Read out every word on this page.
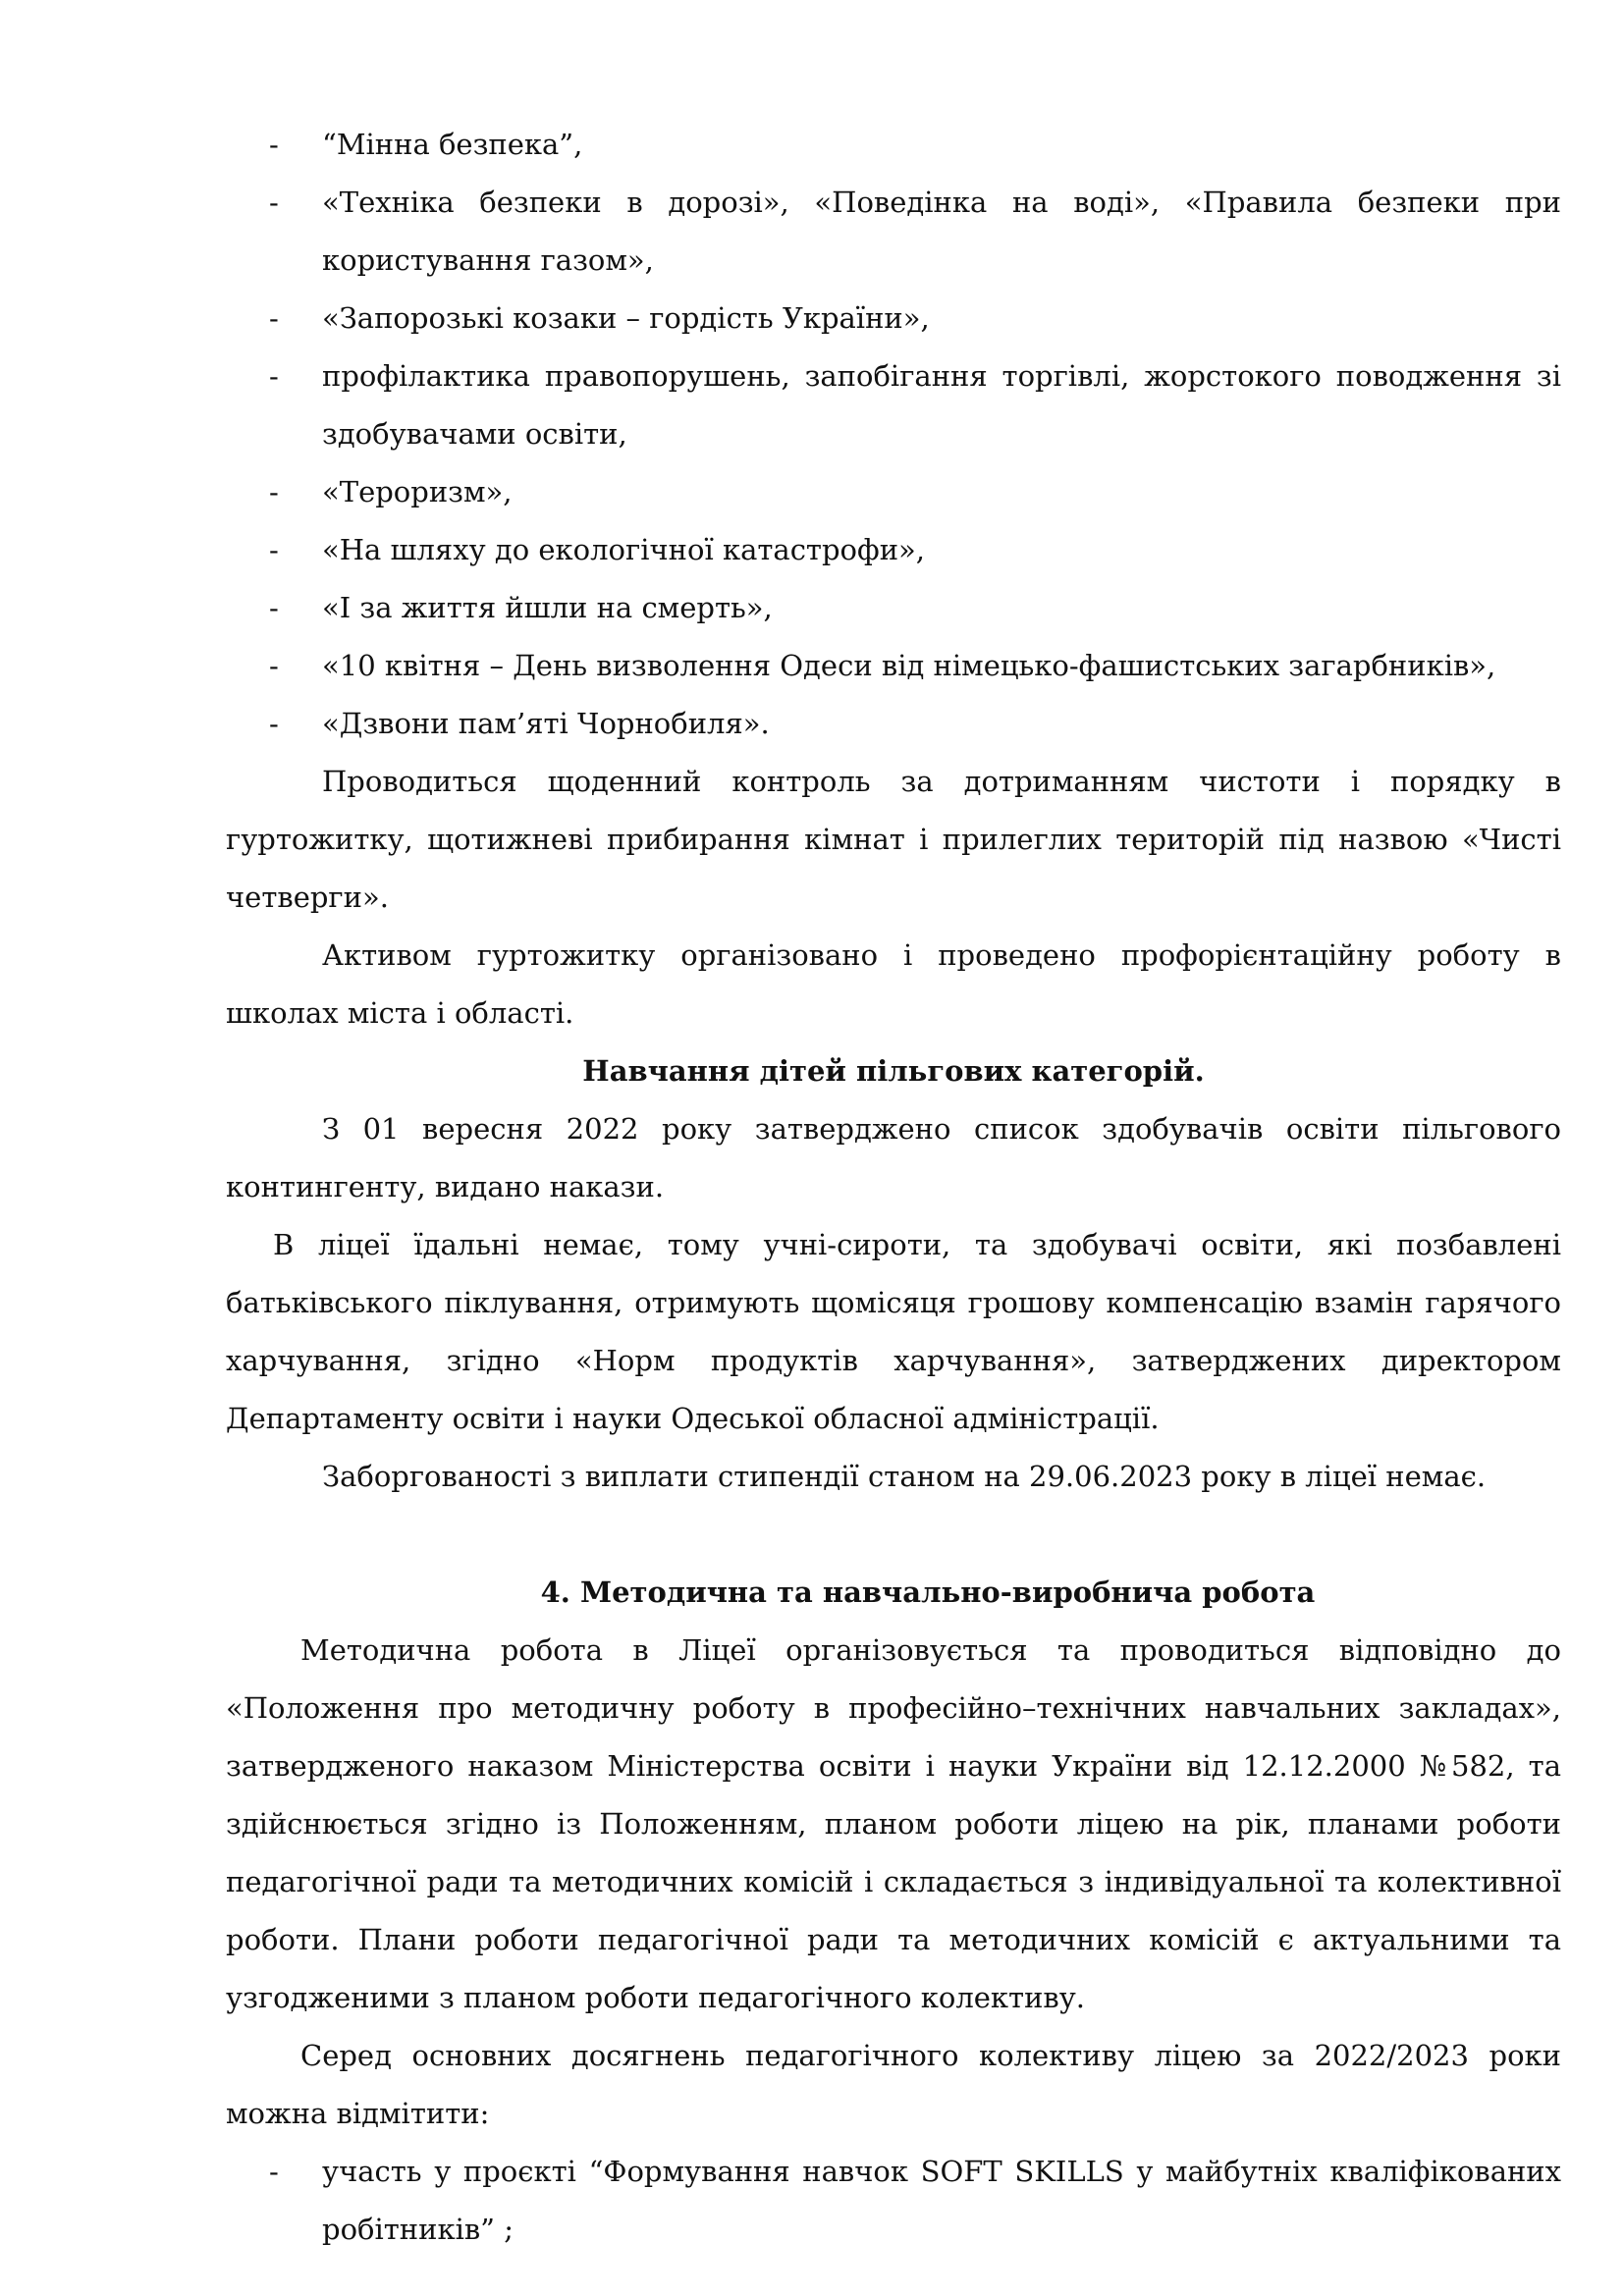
- “Мінна безпека”,
- «Техніка безпеки в дорозі», «Поведінка на воді», «Правила безпеки при користування газом»,
- «Запорозькі козаки – гордість України»,
- профілактика правопорушень, запобігання торгівлі, жорстокого поводження зі здобувачами освіти,
- «Тероризм»,
- «На шляху до екологічної катастрофи»,
- «І за життя йшли на смерть»,
- «10 квітня – День визволення Одеси від німецько-фашистських загарбників»,
- «Дзвони пам’яті Чорнобиля».

Проводиться щоденний контроль за дотриманням чистоти і порядку в гуртожитку, щотижневі прибирання кімнат і прилеглих територій під назвою «Чисті четверги».

Активом гуртожитку організовано і проведено профорієнтаційну роботу в школах міста і області.

Навчання дітей пільгових категорій.

З 01 вересня 2022 року затверджено список здобувачів освіти пільгового контингенту, видано накази.

В ліцеї їдальні немає, тому учні-сироти, та здобувачі освіти, які позбавлені батьківського піклування, отримують щомісяця грошову компенсацію взамін гарячого харчування, згідно «Норм продуктів харчування», затверджених директором Департаменту освіти і науки Одеської обласної адміністрації.

Заборгованості з виплати стипендії станом на 29.06.2023 року в ліцеї немає.

4. Методична та навчально-виробнича робота

Методична робота в Ліцеї організовується та проводиться відповідно до «Положення про методичну роботу в професійно–технічних навчальних закладах», затвердженого наказом Міністерства освіти і науки України від 12.12.2000 №582, та здійснюється згідно із Положенням, планом роботи ліцею на рік, планами роботи педагогічної ради та методичних комісій і складається з індивідуальної та колективної роботи. Плани роботи педагогічної ради та методичних комісій є актуальними та узгодженими з планом роботи педагогічного колективу.

Серед основних досягнень педагогічного колективу ліцею за 2022/2023 роки можна відмітити:

- участь у проєкті “Формування навчок SOFT SKILLS у майбутніх кваліфікованих робітників” ;
